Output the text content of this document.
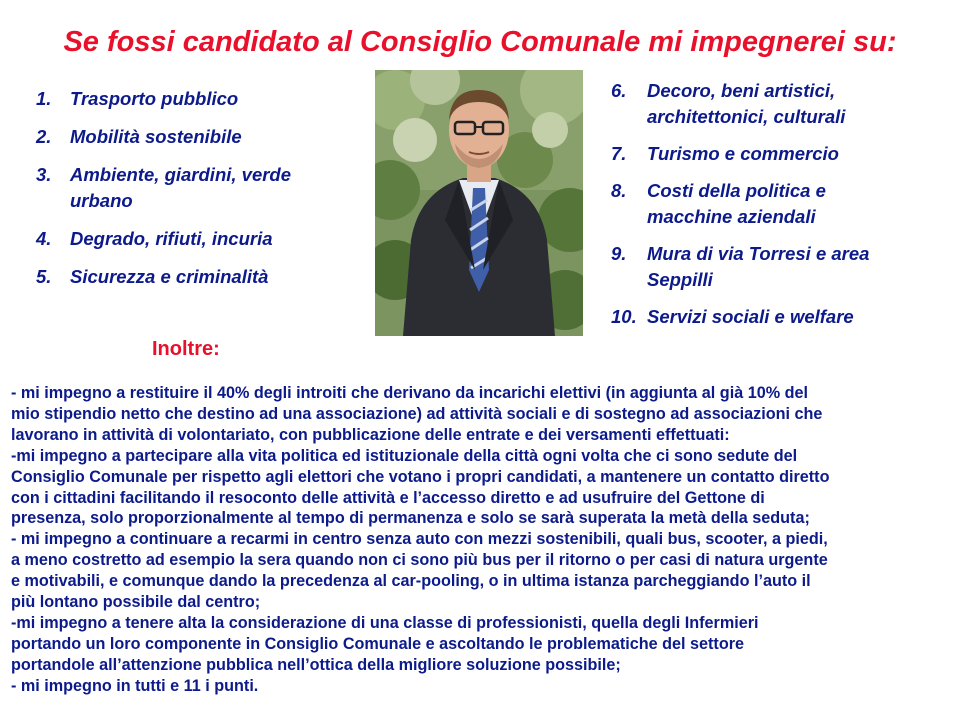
Se fossi candidato al Consiglio Comunale mi impegnerei su:
1.	Trasporto pubblico
2.	Mobilità sostenibile
3.	Ambiente, giardini, verde
urbano
4.	Degrado, rifiuti, incuria
5.	Sicurezza e criminalità
6.	Decoro, beni artistici,
architettonici, culturali
7.	Turismo e commercio
8.	Costi della politica e
macchine aziendali
9.	Mura di via Torresi e area
Seppilli
10. Servizi sociali e welfare
Inoltre:
- mi impegno a restituire il 40% degli introiti che derivano da incarichi elettivi (in aggiunta al già 10% del
mio stipendio netto che destino ad una associazione) ad attività sociali e di sostegno ad associazioni che
lavorano in attività di volontariato, con pubblicazione delle entrate e dei versamenti effettuati:
-mi impegno a partecipare alla vita politica ed istituzionale della città ogni volta che ci sono sedute del
Consiglio Comunale per rispetto agli elettori che votano i propri candidati, a mantenere un contatto diretto
con i cittadini facilitando il resoconto delle attività e l’accesso diretto e ad usufruire del Gettone di
presenza, solo proporzionalmente al tempo di permanenza e solo se sarà superata la metà della seduta;
- mi impegno a continuare a recarmi in centro senza auto con mezzi sostenibili, quali bus, scooter, a piedi,
a meno costretto ad esempio la sera quando non ci sono più bus per il ritorno o per casi di natura urgente
e motivabili, e comunque dando la precedenza al car-pooling, o in ultima istanza parcheggiando l’auto il
più lontano possibile dal centro;
-mi impegno a tenere alta la considerazione di una classe di professionisti, quella degli Infermieri
portando un loro componente in Consiglio Comunale e ascoltando le problematiche del settore
portandole all’attenzione pubblica nell’ottica della migliore soluzione possibile;
- mi impegno in tutti e 11 i punti.
